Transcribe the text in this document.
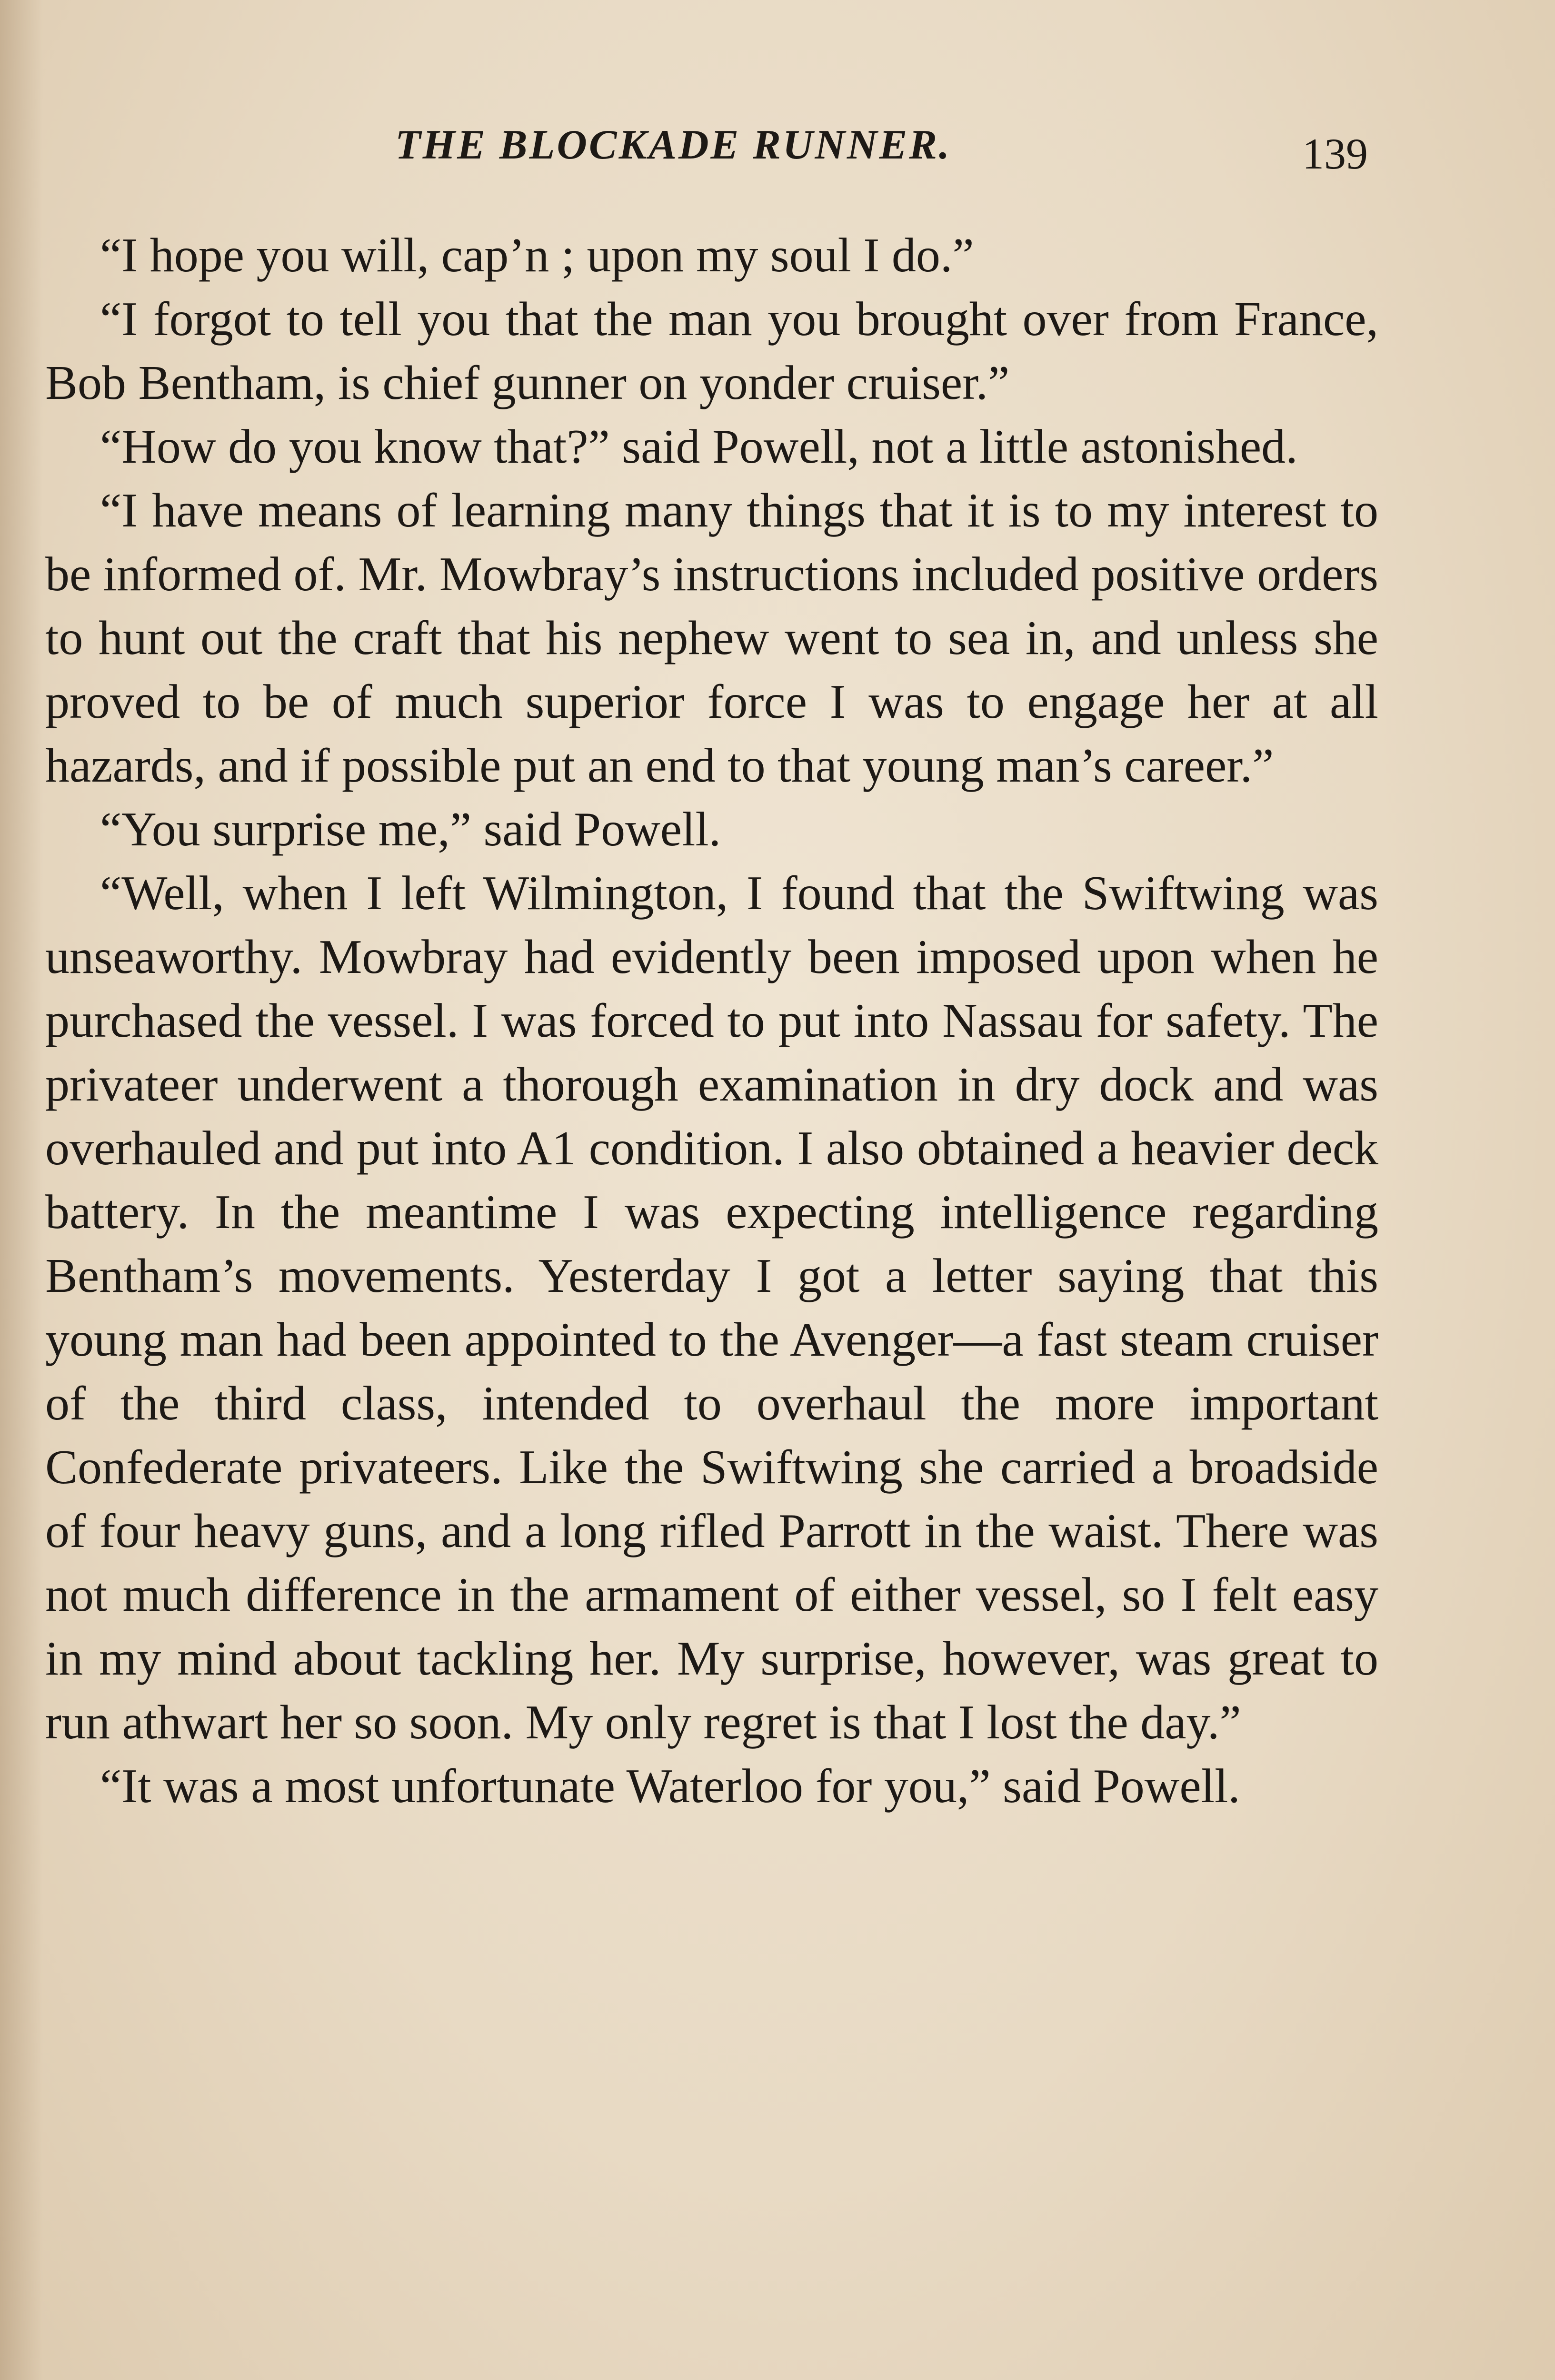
THE BLOCKADE RUNNER.	139

“I hope you will, cap’n ; upon my soul I do.”

“I forgot to tell you that the man you brought over from France, Bob Bentham, is chief gunner on yonder cruiser.”

“How do you know that?” said Powell, not a little astonished.

“I have means of learning many things that it is to my interest to be informed of. Mr. Mowbray’s instructions included positive orders to hunt out the craft that his nephew went to sea in, and unless she proved to be of much superior force I was to engage her at all hazards, and if possible put an end to that young man’s career.”

“You surprise me,” said Powell.

“Well, when I left Wilmington, I found that the Swiftwing was unseaworthy. Mowbray had evidently been imposed upon when he purchased the vessel. I was forced to put into Nassau for safety. The privateer underwent a thorough examination in dry dock and was overhauled and put into A1 condition. I also obtained a heavier deck battery. In the meantime I was expecting intelligence regarding Bentham’s movements. Yesterday I got a letter saying that this young man had been appointed to the Avenger—a fast steam cruiser of the third class, intended to overhaul the more important Confederate privateers. Like the Swiftwing she carried a broadside of four heavy guns, and a long rifled Parrott in the waist. There was not much difference in the armament of either vessel, so I felt easy in my mind about tackling her. My surprise, however, was great to run athwart her so soon. My only regret is that I lost the day.”

“It was a most unfortunate Waterloo for you,” said Powell.
